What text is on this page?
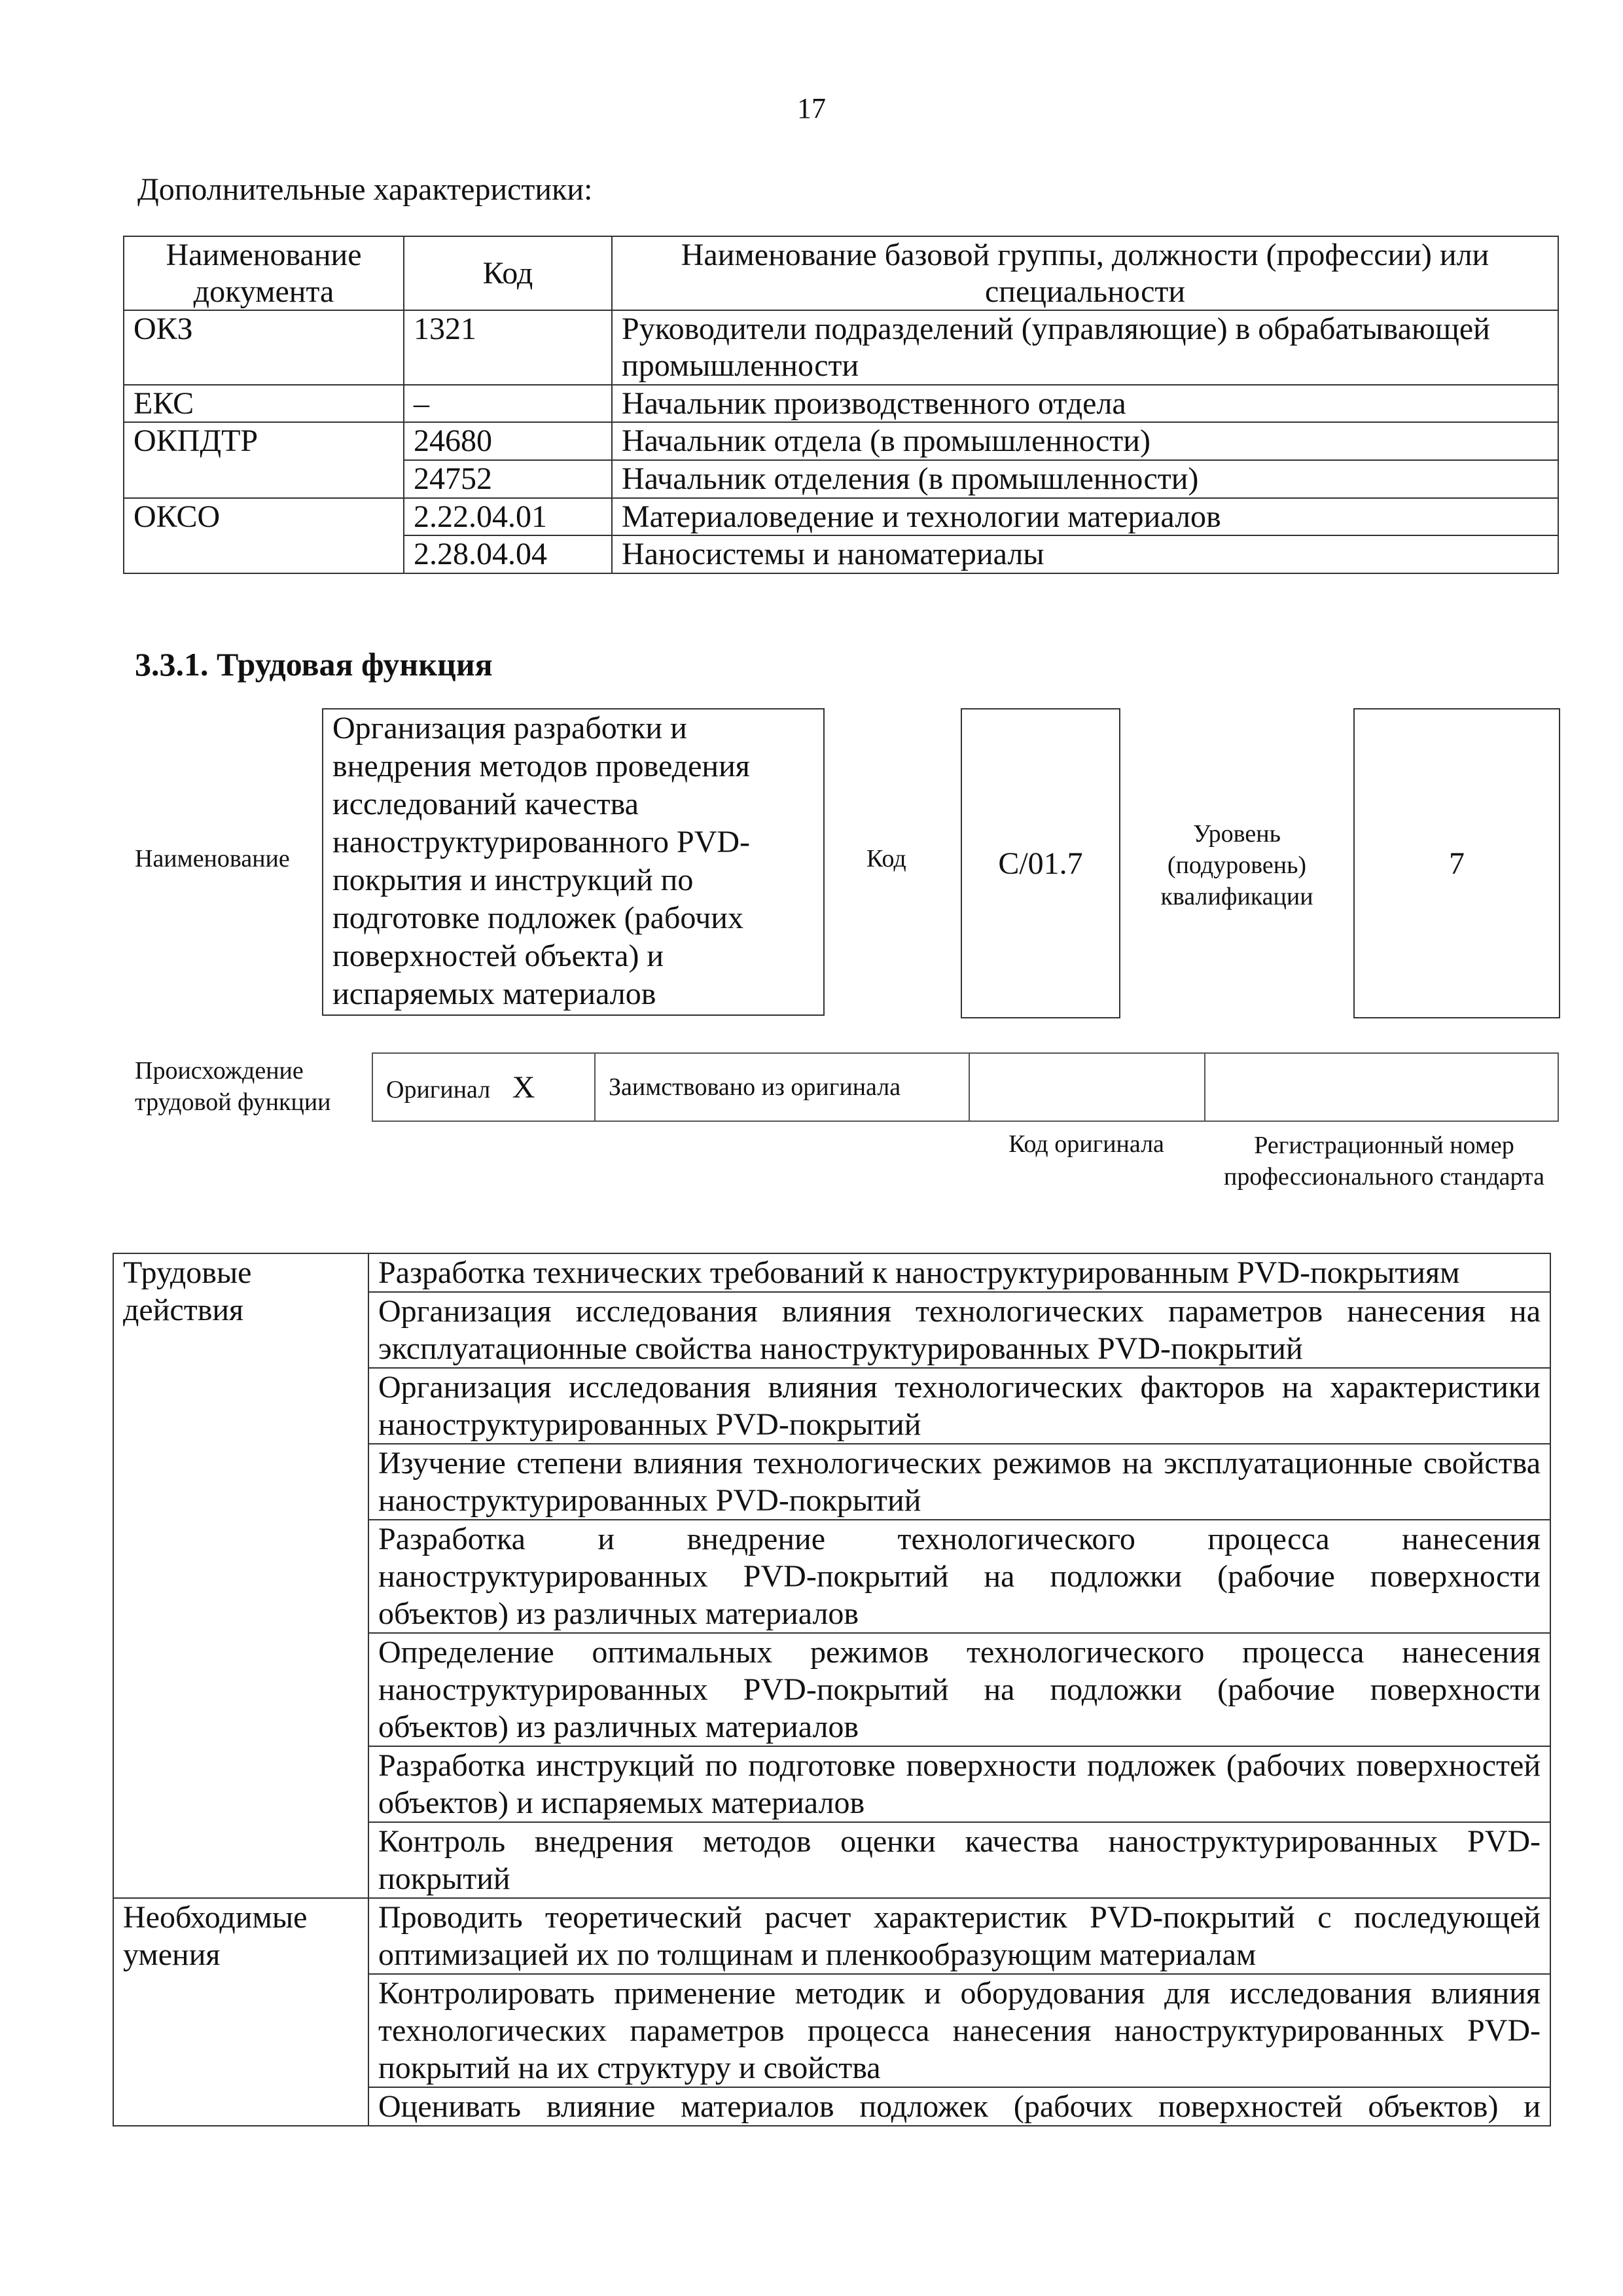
17
Дополнительные характеристики:
Наименование документа	Код	Наименование базовой группы, должности (профессии) или специальности
ОКЗ	1321	Руководители подразделений (управляющие) в обрабатывающей промышленности
ЕКС	–	Начальник производственного отдела
ОКПДТР	24680	Начальник отдела (в промышленности)
	24752	Начальник отделения (в промышленности)
ОКСО	2.22.04.01	Материаловедение и технологии материалов
	2.28.04.04	Наносистемы и наноматериалы
3.3.1. Трудовая функция
Наименование
Организация разработки и внедрения методов проведения исследований качества наноструктурированного PVD-покрытия и инструкций по подготовке подложек (рабочих поверхностей объекта) и испаряемых материалов
Код	C/01.7
Уровень (подуровень) квалификации
7
Происхождение трудовой функции	Оригинал X	Заимствовано из оригинала		
Код оригинала	Регистрационный номер профессионального стандарта
Трудовые действия	Разработка технических требований к наноструктурированным PVD-покрытиям
	Организация исследования влияния технологических параметров нанесения на эксплуатационные свойства наноструктурированных PVD-покрытий
	Организация исследования влияния технологических факторов на характеристики наноструктурированных PVD-покрытий
	Изучение степени влияния технологических режимов на эксплуатационные свойства наноструктурированных PVD-покрытий
	Разработка и внедрение технологического процесса нанесения наноструктурированных PVD-покрытий на подложки (рабочие поверхности объектов) из различных материалов
	Определение оптимальных режимов технологического процесса нанесения наноструктурированных PVD-покрытий на подложки (рабочие поверхности объектов) из различных материалов
	Разработка инструкций по подготовке поверхности подложек (рабочих поверхностей объектов) и испаряемых материалов
	Контроль внедрения методов оценки качества наноструктурированных PVD-покрытий
Необходимые умения	Проводить теоретический расчет характеристик PVD-покрытий с последующей оптимизацией их по толщинам и пленкообразующим материалам
	Контролировать применение методик и оборудования для исследования влияния технологических параметров процесса нанесения наноструктурированных PVD-покрытий на их структуру и свойства
	Оценивать влияние материалов подложек (рабочих поверхностей объектов) и
